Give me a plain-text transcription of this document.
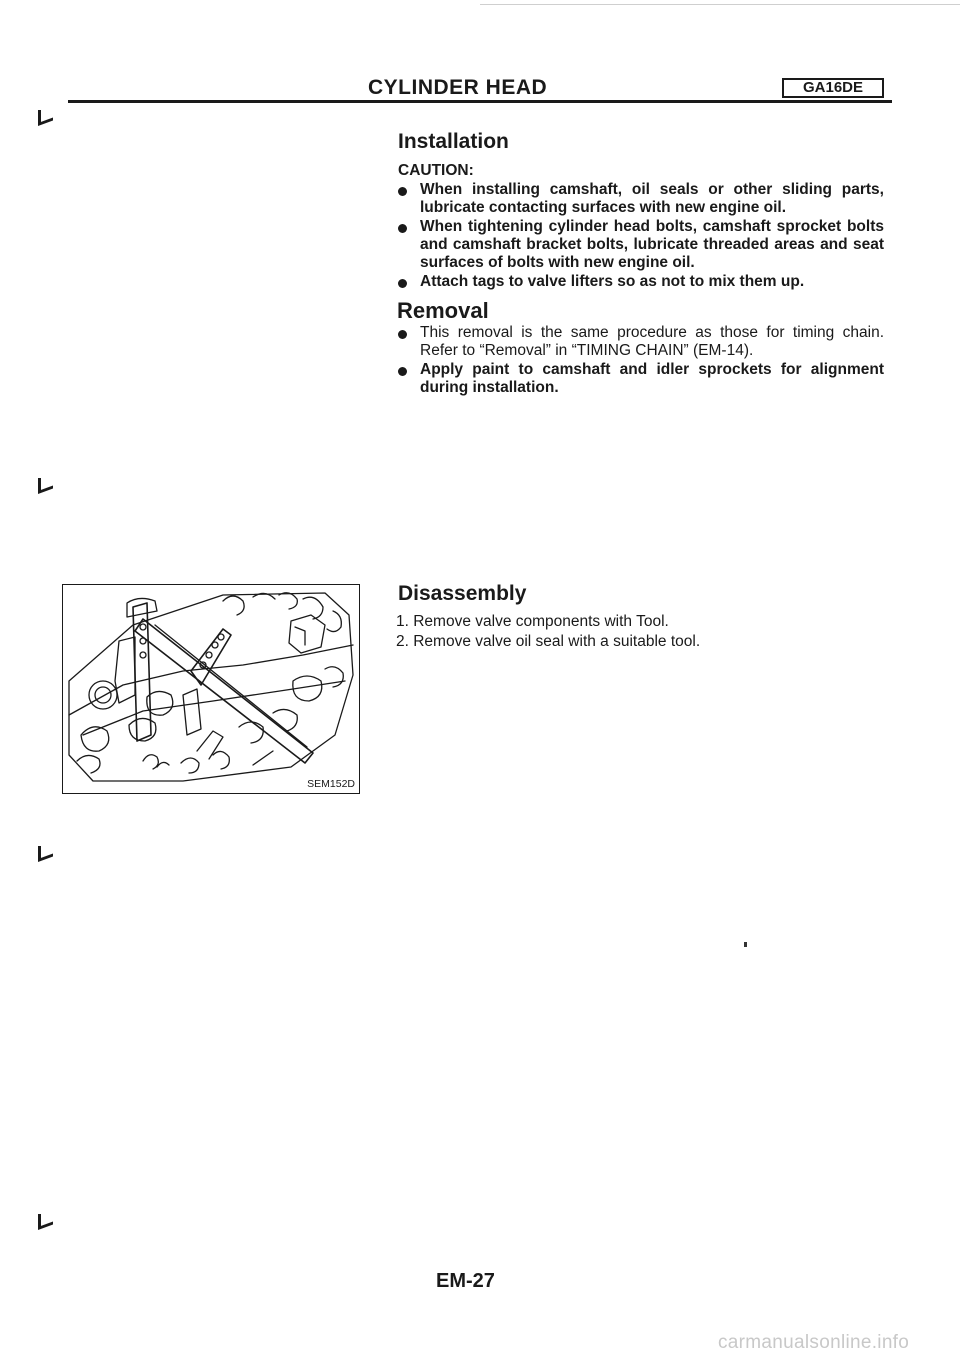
CYLINDER HEAD	GA16DE
Installation
CAUTION:
When installing camshaft, oil seals or other sliding parts, lubricate contacting surfaces with new engine oil.
When tightening cylinder head bolts, camshaft sprocket bolts and camshaft bracket bolts, lubricate threaded areas and seat surfaces of bolts with new engine oil.
Attach tags to valve lifters so as not to mix them up.
Removal
This removal is the same procedure as those for timing chain. Refer to “Removal” in “TIMING CHAIN” (EM-14).
Apply paint to camshaft and idler sprockets for alignment during installation.
SEM152D
Disassembly
1. Remove valve components with Tool.
2. Remove valve oil seal with a suitable tool.
EM-27
carmanualsonline.info
